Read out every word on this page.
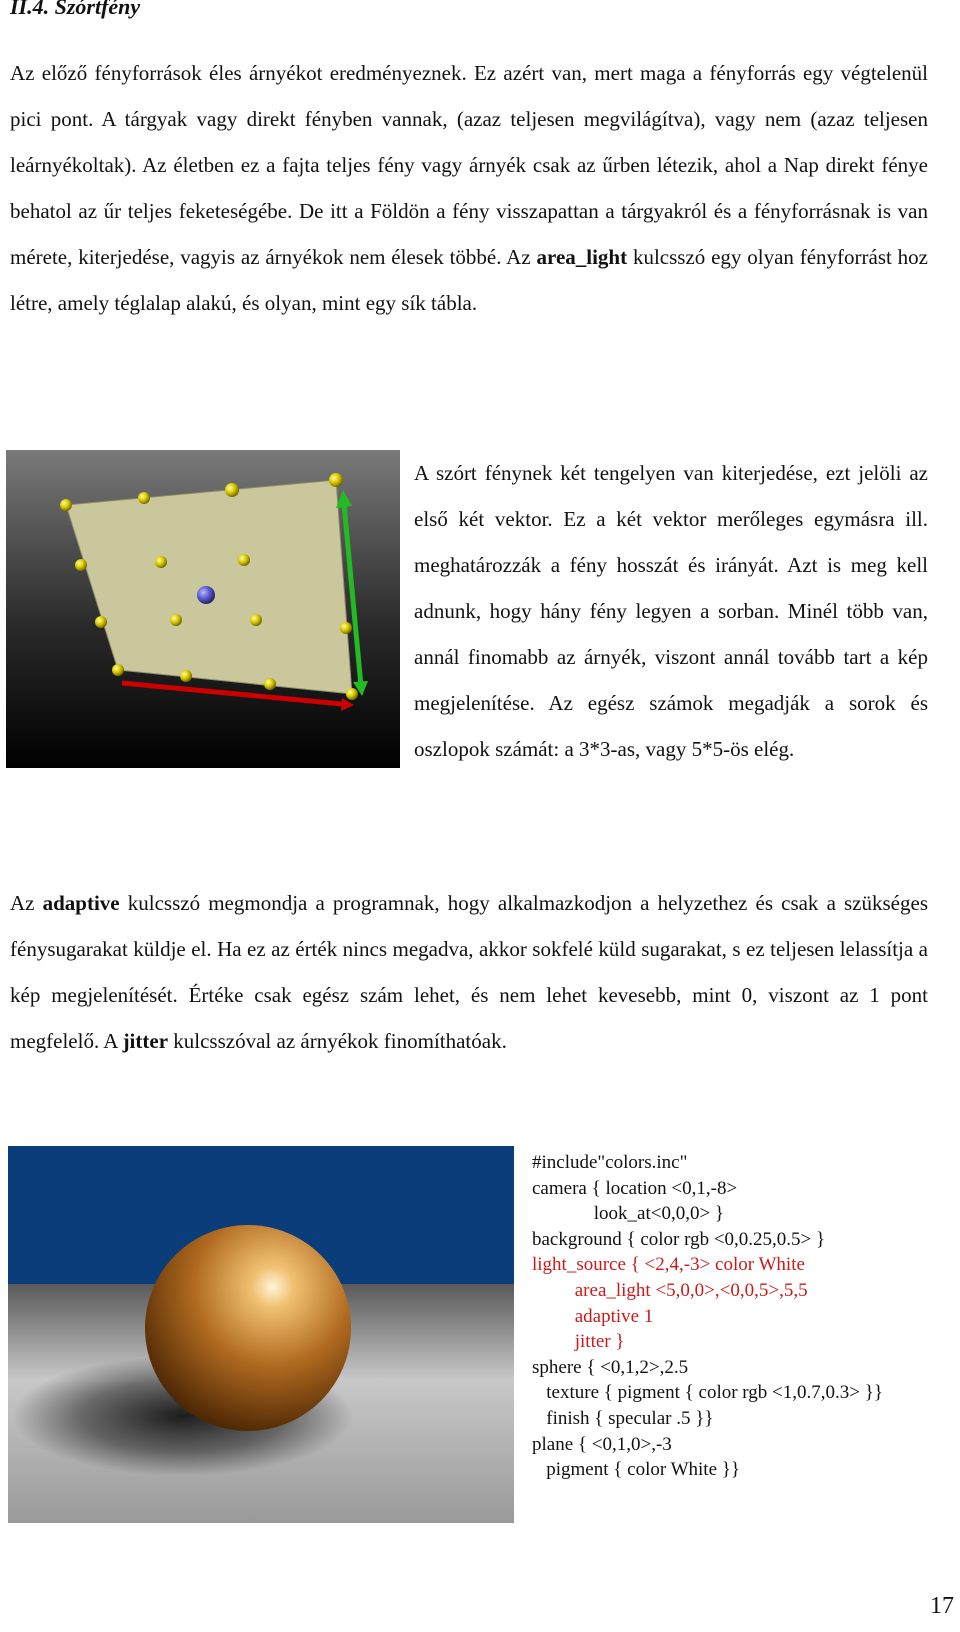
II.4. Szórtfény

Az előző fényforrások éles árnyékot eredményeznek. Ez azért van, mert maga a fényforrás egy végtelenül pici pont. A tárgyak vagy direkt fényben vannak, (azaz teljesen megvilágítva), vagy nem (azaz teljesen leárnyékoltak). Az életben ez a fajta teljes fény vagy árnyék csak az űrben létezik, ahol a Nap direkt fénye behatol az űr teljes feketeségébe. De itt a Földön a fény visszapattan a tárgyakról és a fényforrásnak is van mérete, kiterjedése, vagyis az árnyékok nem élesek többé. Az area_light kulcsszó egy olyan fényforrást hoz létre, amely téglalap alakú, és olyan, mint egy sík tábla.

A szórt fénynek két tengelyen van kiterjedése, ezt jelöli az első két vektor. Ez a két vektor merőleges egymásra ill. meghatározzák a fény hosszát és irányát. Azt is meg kell adnunk, hogy hány fény legyen a sorban. Minél több van, annál finomabb az árnyék, viszont annál tovább tart a kép megjelenítése. Az egész számok megadják a sorok és oszlopok számát: a 3*3-as, vagy 5*5-ös elég.

Az adaptive kulcsszó megmondja a programnak, hogy alkalmazkodjon a helyzethez és csak a szükséges fénysugarakat küldje el. Ha ez az érték nincs megadva, akkor sokfelé küld sugarakat, s ez teljesen lelassítja a kép megjelenítését. Értéke csak egész szám lehet, és nem lehet kevesebb, mint 0, viszont az 1 pont megfelelő. A jitter kulcsszóval az árnyékok finomíthatóak.

#include"colors.inc"
camera { location <0,1,-8>
look_at<0,0,0> }
background { color rgb <0,0.25,0.5> }
light_source { <2,4,-3> color White
area_light <5,0,0>,<0,0,5>,5,5
adaptive 1
jitter }
sphere { <0,1,2>,2.5
texture { pigment { color rgb <1,0.7,0.3> }}
finish { specular .5 }}
plane { <0,1,0>,-3
pigment { color White }}
17
